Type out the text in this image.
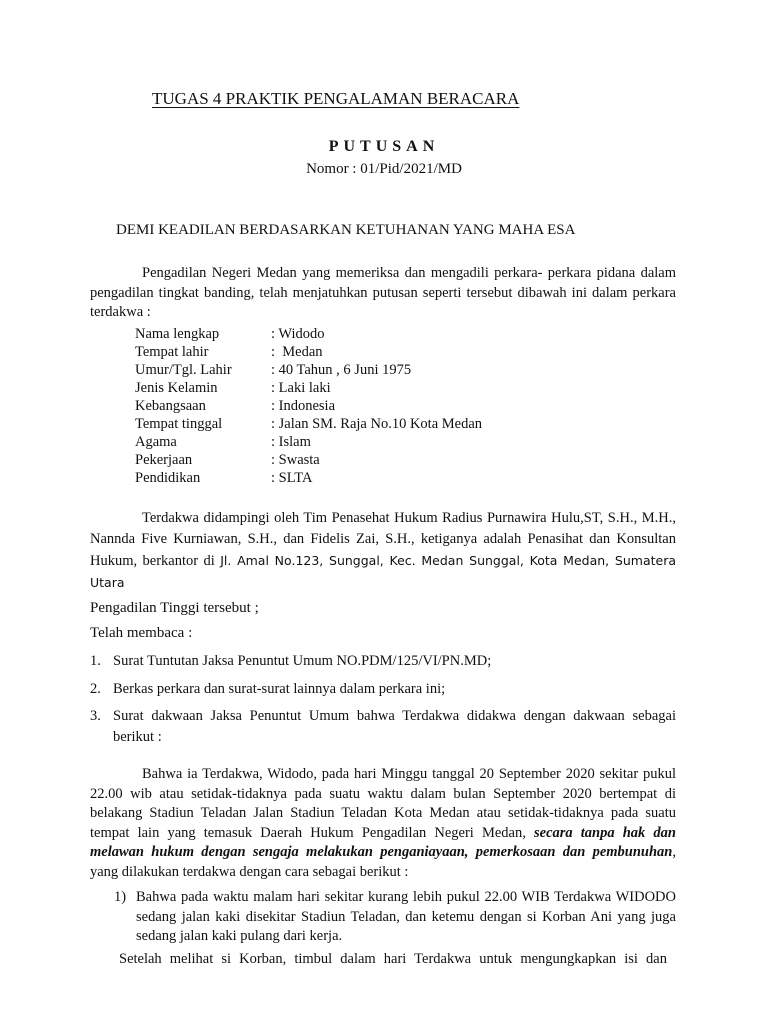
TUGAS 4 PRAKTIK PENGALAMAN BERACARA
PUTUSAN
Nomor : 01/Pid/2021/MD
DEMI KEADILAN BERDASARKAN KETUHANAN YANG MAHA ESA

Pengadilan Negeri Medan yang memeriksa dan mengadili perkara- perkara pidana dalam pengadilan tingkat banding, telah menjatuhkan putusan seperti tersebut dibawah ini dalam perkara terdakwa :

Nama lengkap	: Widodo
Tempat lahir	:  Medan
Umur/Tgl. Lahir	: 40 Tahun , 6 Juni 1975
Jenis Kelamin	: Laki laki
Kebangsaan	: Indonesia
Tempat tinggal	: Jalan SM. Raja No.10 Kota Medan
Agama	: Islam
Pekerjaan	: Swasta
Pendidikan	: SLTA

Terdakwa didampingi oleh Tim Penasehat Hukum Radius Purnawira Hulu,ST, S.H., M.H., Nannda Five Kurniawan, S.H., dan Fidelis Zai, S.H., ketiganya adalah Penasihat dan Konsultan Hukum, berkantor di Jl. Amal No.123, Sunggal, Kec. Medan Sunggal, Kota Medan, Sumatera Utara

Pengadilan Tinggi tersebut ;
Telah membaca :
1. Surat Tuntutan Jaksa Penuntut Umum NO.PDM/125/VI/PN.MD;
2. Berkas perkara dan surat-surat lainnya dalam perkara ini;
3. Surat dakwaan Jaksa Penuntut Umum bahwa Terdakwa didakwa dengan dakwaan sebagai berikut :

Bahwa ia Terdakwa, Widodo, pada hari Minggu tanggal 20 September 2020 sekitar pukul 22.00 wib atau setidak-tidaknya pada suatu waktu dalam bulan September 2020 bertempat di belakang Stadiun Teladan Jalan Stadiun Teladan Kota Medan atau setidak-tidaknya pada suatu tempat lain yang temasuk Daerah Hukum Pengadilan Negeri Medan, secara tanpa hak dan melawan hukum dengan sengaja melakukan penganiayaan, pemerkosaan dan pembunuhan, yang dilakukan terdakwa dengan cara sebagai berikut :

1) Bahwa pada waktu malam hari sekitar kurang lebih pukul 22.00 WIB Terdakwa WIDODO sedang jalan kaki disekitar Stadiun Teladan, dan ketemu dengan si Korban Ani yang juga sedang jalan kaki pulang dari kerja.
Setelah melihat si Korban, timbul dalam hari Terdakwa untuk mengungkapkan isi dan
